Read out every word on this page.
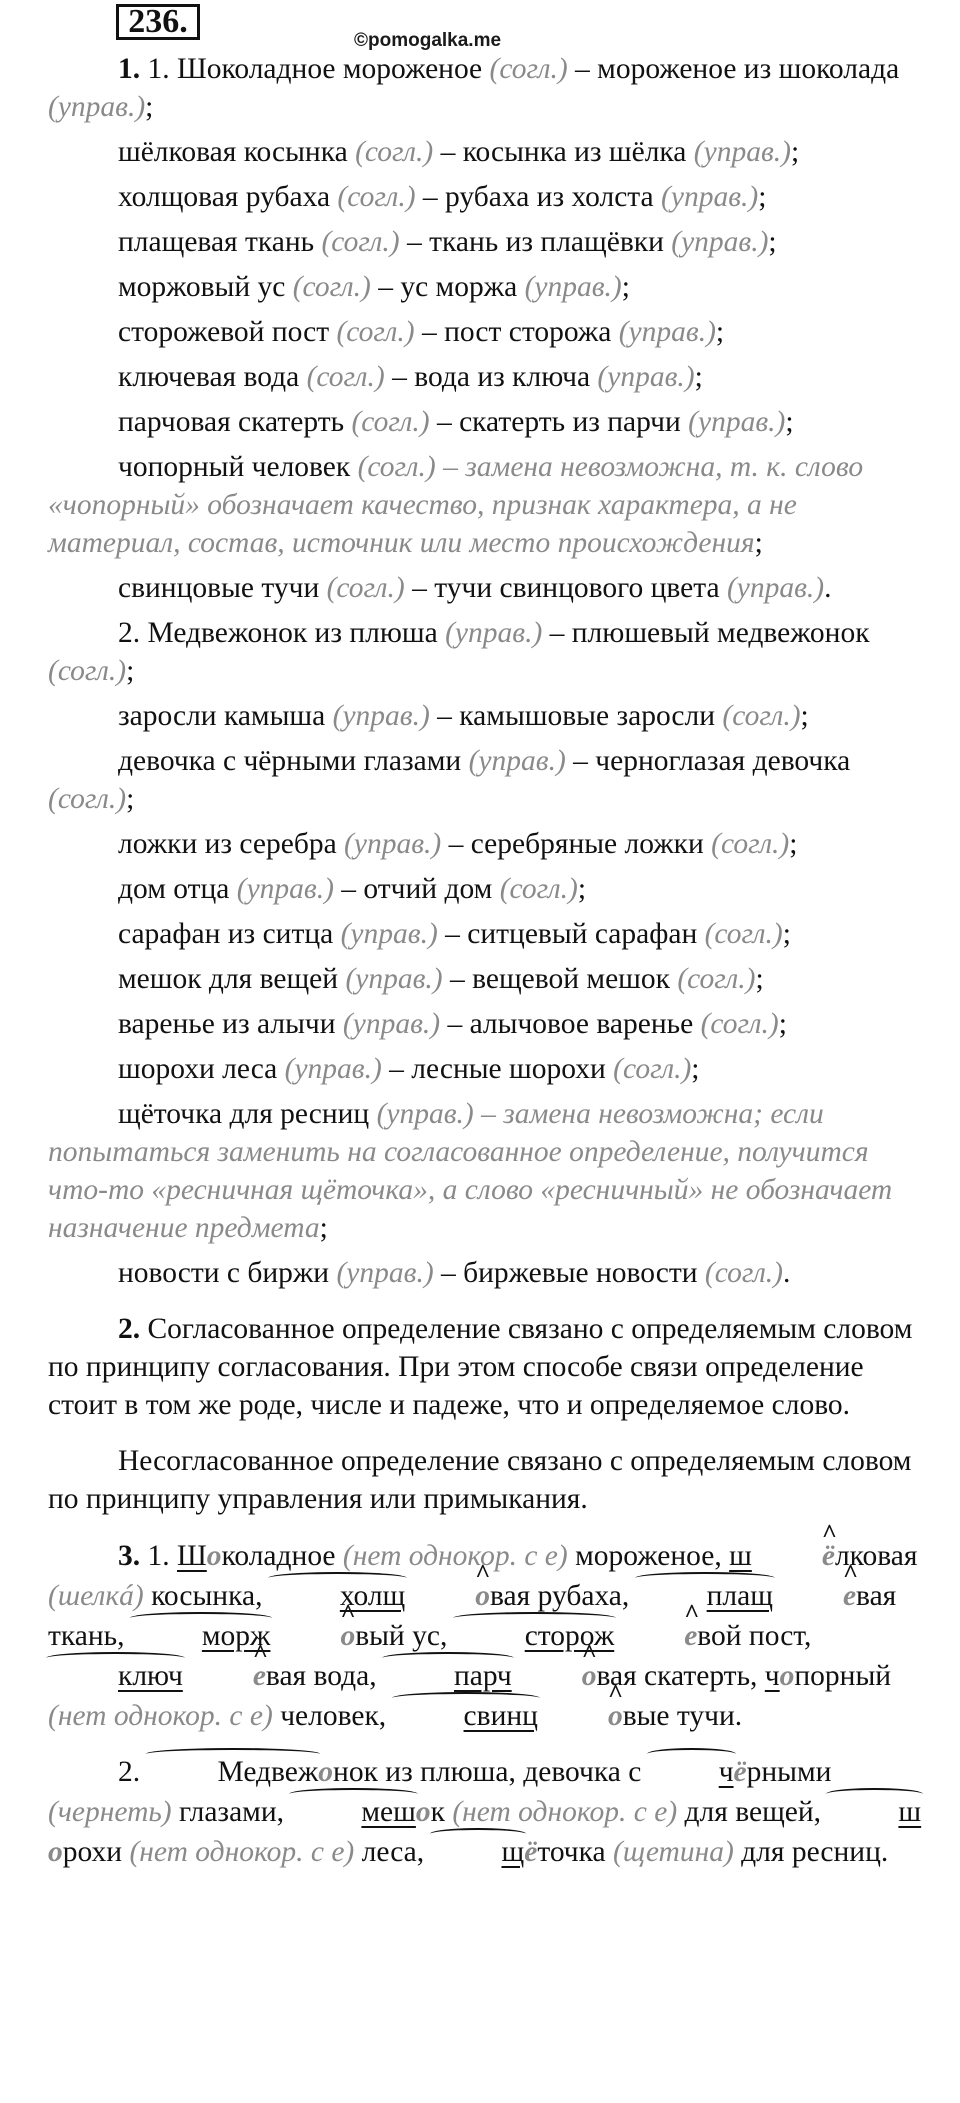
236.
©pomogalka.me

1. 1. Шоколадное мороженое (согл.) – мороженое из шоколада (управ.);

шёлковая косынка (согл.) – косынка из шёлка (управ.);

холщовая рубаха (согл.) – рубаха из холста (управ.);

плащевая ткань (согл.) – ткань из плащёвки (управ.);

моржовый ус (согл.) – ус моржа (управ.);

сторожевой пост (согл.) – пост сторожа (управ.);

ключевая вода (согл.) – вода из ключа (управ.);

парчовая скатерть (согл.) – скатерть из парчи (управ.);

чопорный человек (согл.) – замена невозможна, т. к. слово «чопорный» обозначает качество, признак характера, а не материал, состав, источник или место происхождения;

свинцовые тучи (согл.) – тучи свинцового цвета (управ.).

2. Медвежонок из плюша (управ.) – плюшевый медвежонок (согл.);

заросли камыша (управ.) – камышовые заросли (согл.);

девочка с чёрными глазами (управ.) – черноглазая девочка (согл.);

ложки из серебра (управ.) – серебряные ложки (согл.);

дом отца (управ.) – отчий дом (согл.);

сарафан из ситца (управ.) – ситцевый сарафан (согл.);

мешок для вещей (управ.) – вещевой мешок (согл.);

варенье из алычи (управ.) – алычовое варенье (согл.);

шорохи леса (управ.) – лесные шорохи (согл.);

щёточка для ресниц (управ.) – замена невозможна; если попытаться заменить на согласованное определение, получится что-то «ресничная щёточка», а слово «ресничный» не обозначает назначение предмета;

новости с биржи (управ.) – биржевые новости (согл.).

2. Согласованное определение связано с определяемым словом по принципу согласования. При этом способе связи определение стоит в том же роде, числе и падеже, что и определяемое слово.

Несогласованное определение связано с определяемым словом по принципу управления или примыкания.

3. 1. Шоколадное (нет однокор. с е) мороженое, ш ё ^лковая (шелкá) косынка,	холщ о ^вая рубаха,	плащ е ^вая ткань,	морж о ^вый ус,	сторож е ^вой пост, ключ е ^вая вода,	парч о ^вая скатерть, чопорный (нет однокор. с е) человек,	свинц о ^вые тучи.

2.	Медвежонок из плюша, девочка с	чёрными (чернеть) глазами,	мешок (нет однокор. с е) для вещей,	шорохи (нет однокор. с е) леса,	щёточка (щетина) для ресниц.
